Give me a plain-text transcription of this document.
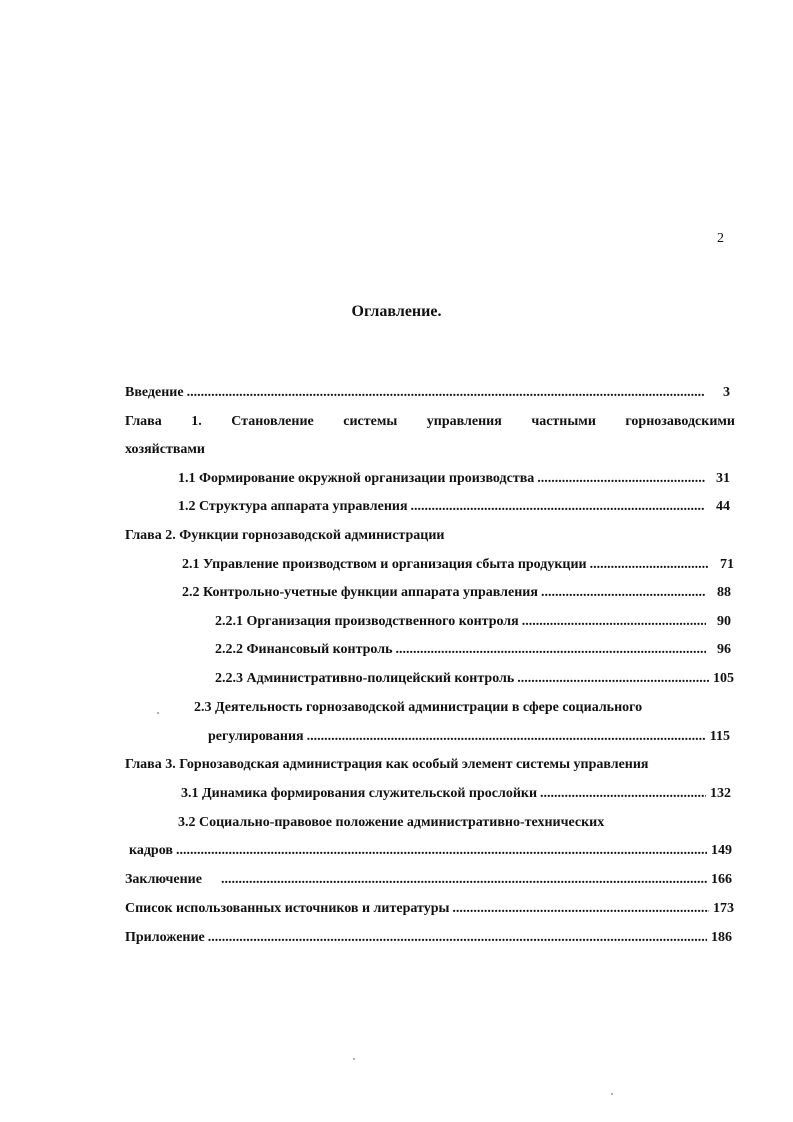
2
Оглавление.
Введение .....	3
Глава 1. Становление системы управления частными горнозаводскими
хозяйствами
1.1 Формирование окружной организации производства .....	31
1.2 Структура аппарата управления .....	44
Глава 2. Функции горнозаводской администрации
2.1 Управление производством и организация сбыта продукции .....	71
2.2 Контрольно-учетные функции аппарата управления .....	88
2.2.1 Организация производственного контроля .....	90
2.2.2 Финансовый контроль .....	96
2.2.3 Административно-полицейский контроль .....	105
2.3 Деятельность горнозаводской администрации в сфере социального
регулирования .....	115
Глава 3. Горнозаводская администрация как особый элемент системы управления
3.1 Динамика формирования служительской прослойки .....	132
3.2 Социально-правовое положение административно-технических
кадров .....	149
Заключение .....	166
Список использованных источников и литературы .....	173
Приложение .....	186
